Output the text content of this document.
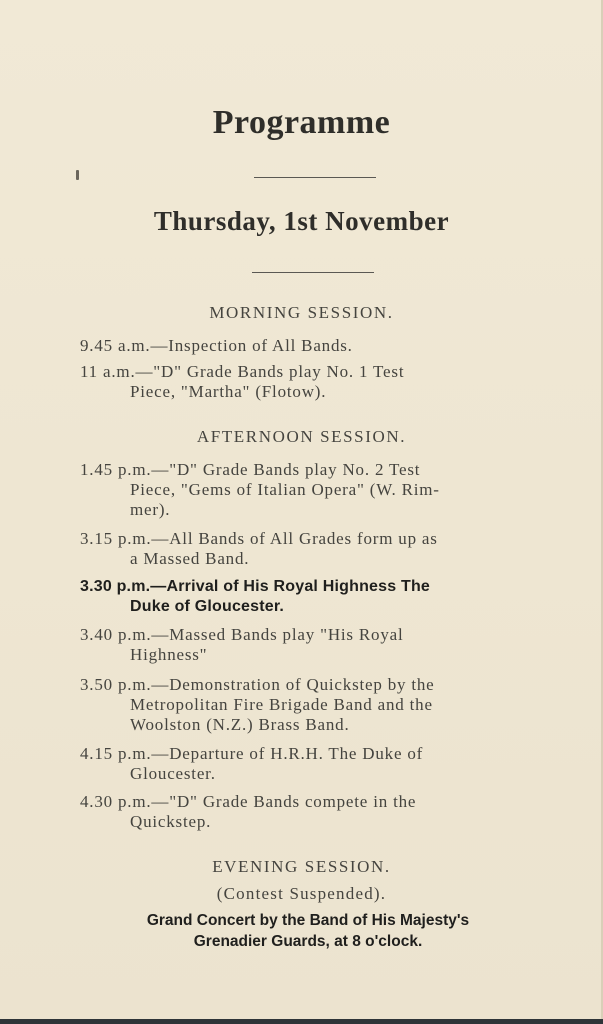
Programme
Thursday, 1st November
MORNING SESSION.
9.45 a.m.—Inspection of All Bands.
11 a.m.—"D" Grade Bands play No. 1 Test
Piece, "Martha" (Flotow).
AFTERNOON SESSION.
1.45 p.m.—"D" Grade Bands play No. 2 Test
Piece, "Gems of Italian Opera" (W. Rim-
mer).
3.15 p.m.—All Bands of All Grades form up as
a Massed Band.
3.30 p.m.—Arrival of His Royal Highness The
Duke of Gloucester.
3.40 p.m.—Massed Bands play "His Royal
Highness"
3.50 p.m.—Demonstration of Quickstep by the
Metropolitan Fire Brigade Band and the
Woolston (N.Z.) Brass Band.
4.15 p.m.—Departure of H.R.H. The Duke of
Gloucester.
4.30 p.m.—"D" Grade Bands compete in the
Quickstep.
EVENING SESSION.
(Contest Suspended).
Grand Concert by the Band of His Majesty's
Grenadier Guards, at 8 o'clock.
